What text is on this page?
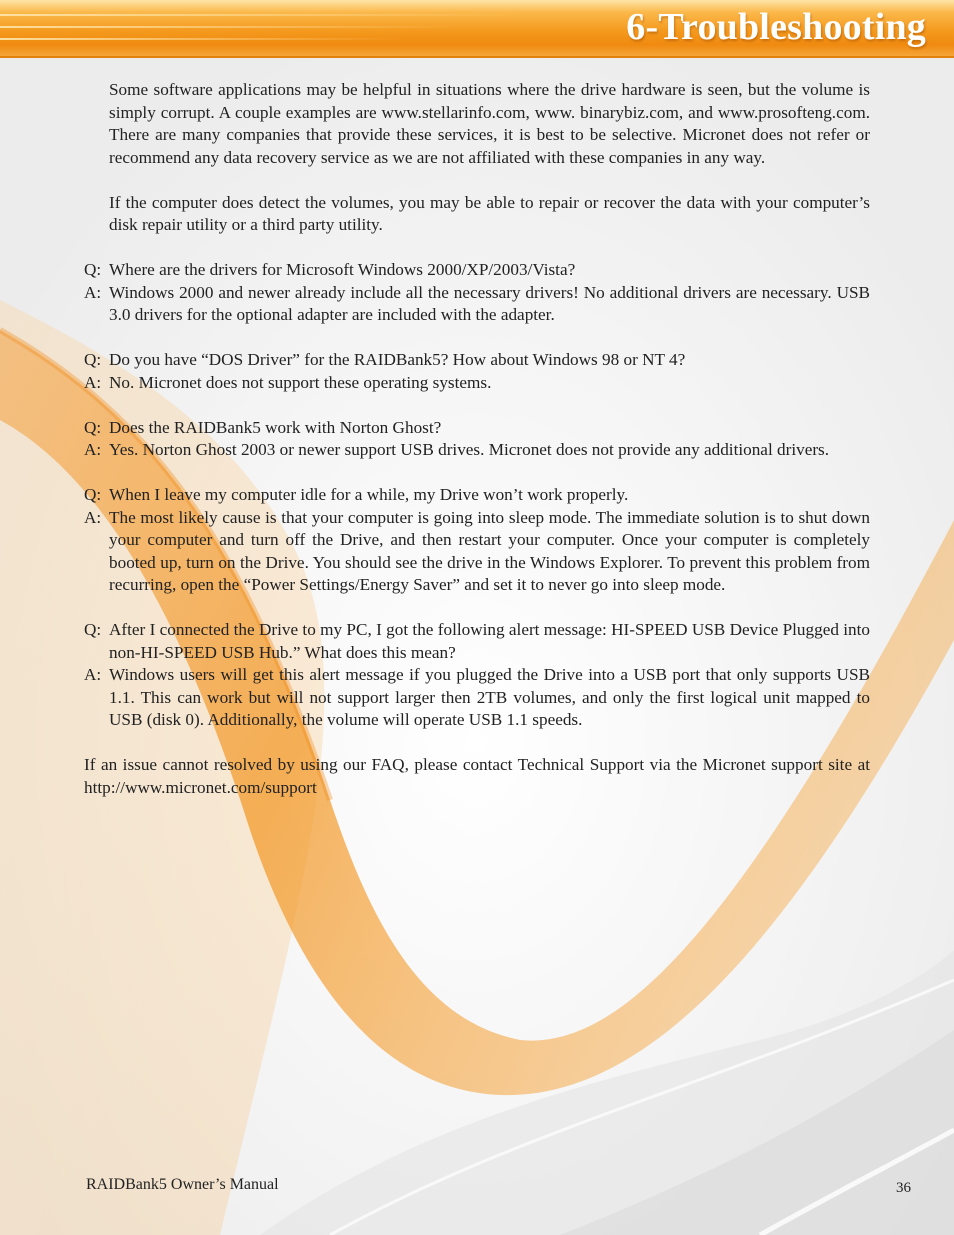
6-Troubleshooting

Some software applications may be helpful in situations where the drive hardware is seen, but the volume is simply corrupt. A couple examples are www.stellarinfo.com, www. binarybiz.com, and www.prosofteng.com. There are many companies that provide these services, it is best to be selective. Micronet does not refer or recommend any data recovery service as we are not affiliated with these companies in any way.

If the computer does detect the volumes, you may be able to repair or recover the data with your computer’s disk repair utility or a third party utility.

Q: Where are the drivers for Microsoft Windows 2000/XP/2003/Vista?
A: Windows 2000 and newer already include all the necessary drivers! No additional drivers are necessary. USB 3.0 drivers for the optional adapter are included with the adapter.
Q: Do you have “DOS Driver” for the RAIDBank5? How about Windows 98 or NT 4?
A: No. Micronet does not support these operating systems.
Q: Does the RAIDBank5 work with Norton Ghost?
A: Yes. Norton Ghost 2003 or newer support USB drives. Micronet does not provide any additional drivers.
Q: When I leave my computer idle for a while, my Drive won’t work properly.
A: The most likely cause is that your computer is going into sleep mode. The immediate solution is to shut down your computer and turn off the Drive, and then restart your computer. Once your computer is completely booted up, turn on the Drive. You should see the drive in the Windows Explorer. To prevent this problem from recurring, open the “Power Settings/Energy Saver” and set it to never go into sleep mode.
Q: After I connected the Drive to my PC, I got the following alert message: HI-SPEED USB Device Plugged into non-HI-SPEED USB Hub.” What does this mean?
A: Windows users will get this alert message if you plugged the Drive into a USB port that only supports USB 1.1. This can work but will not support larger then 2TB volumes, and only the first logical unit mapped to USB (disk 0). Additionally, the volume will operate USB 1.1 speeds.

If an issue cannot resolved by using our FAQ, please contact Technical Support via the Micronet support site at http://www.micronet.com/support

RAIDBank5 Owner’s Manual	36
